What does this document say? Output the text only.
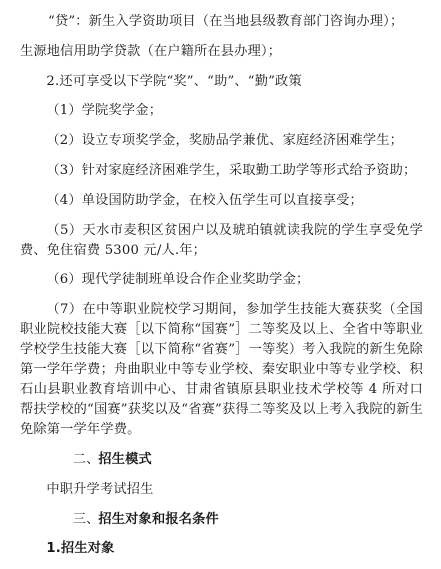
“贷”：新生入学资助项目（在当地县级教育部门咨询办理）；

生源地信用助学贷款（在户籍所在县办理）；

2.还可享受以下学院“奖”、“助”、“勤”政策

（1）学院奖学金；

（2）设立专项奖学金，奖励品学兼优、家庭经济困难学生；

（3）针对家庭经济困难学生，采取勤工助学等形式给予资助；

（4）单设国防助学金，在校入伍学生可以直接享受；

（5）天水市麦积区贫困户以及琥珀镇就读我院的学生享受免学费、免住宿费 5300 元/人.年；

（6）现代学徒制班单设合作企业奖助学金；

（7）在中等职业院校学习期间，参加学生技能大赛获奖（全国职业院校技能大赛［以下简称“国赛”］二等奖及以上、全省中等职业学校学生技能大赛［以下简称“省赛”］一等奖）考入我院的新生免除第一学年学费；舟曲职业中等专业学校、秦安职业中等专业学校、积石山县职业教育培训中心、甘肃省镇原县职业技术学校等 4 所对口帮扶学校的“国赛”获奖以及“省赛”获得二等奖及以上考入我院的新生免除第一学年学费。

二、招生模式

中职升学考试招生

三、招生对象和报名条件

1.招生对象
